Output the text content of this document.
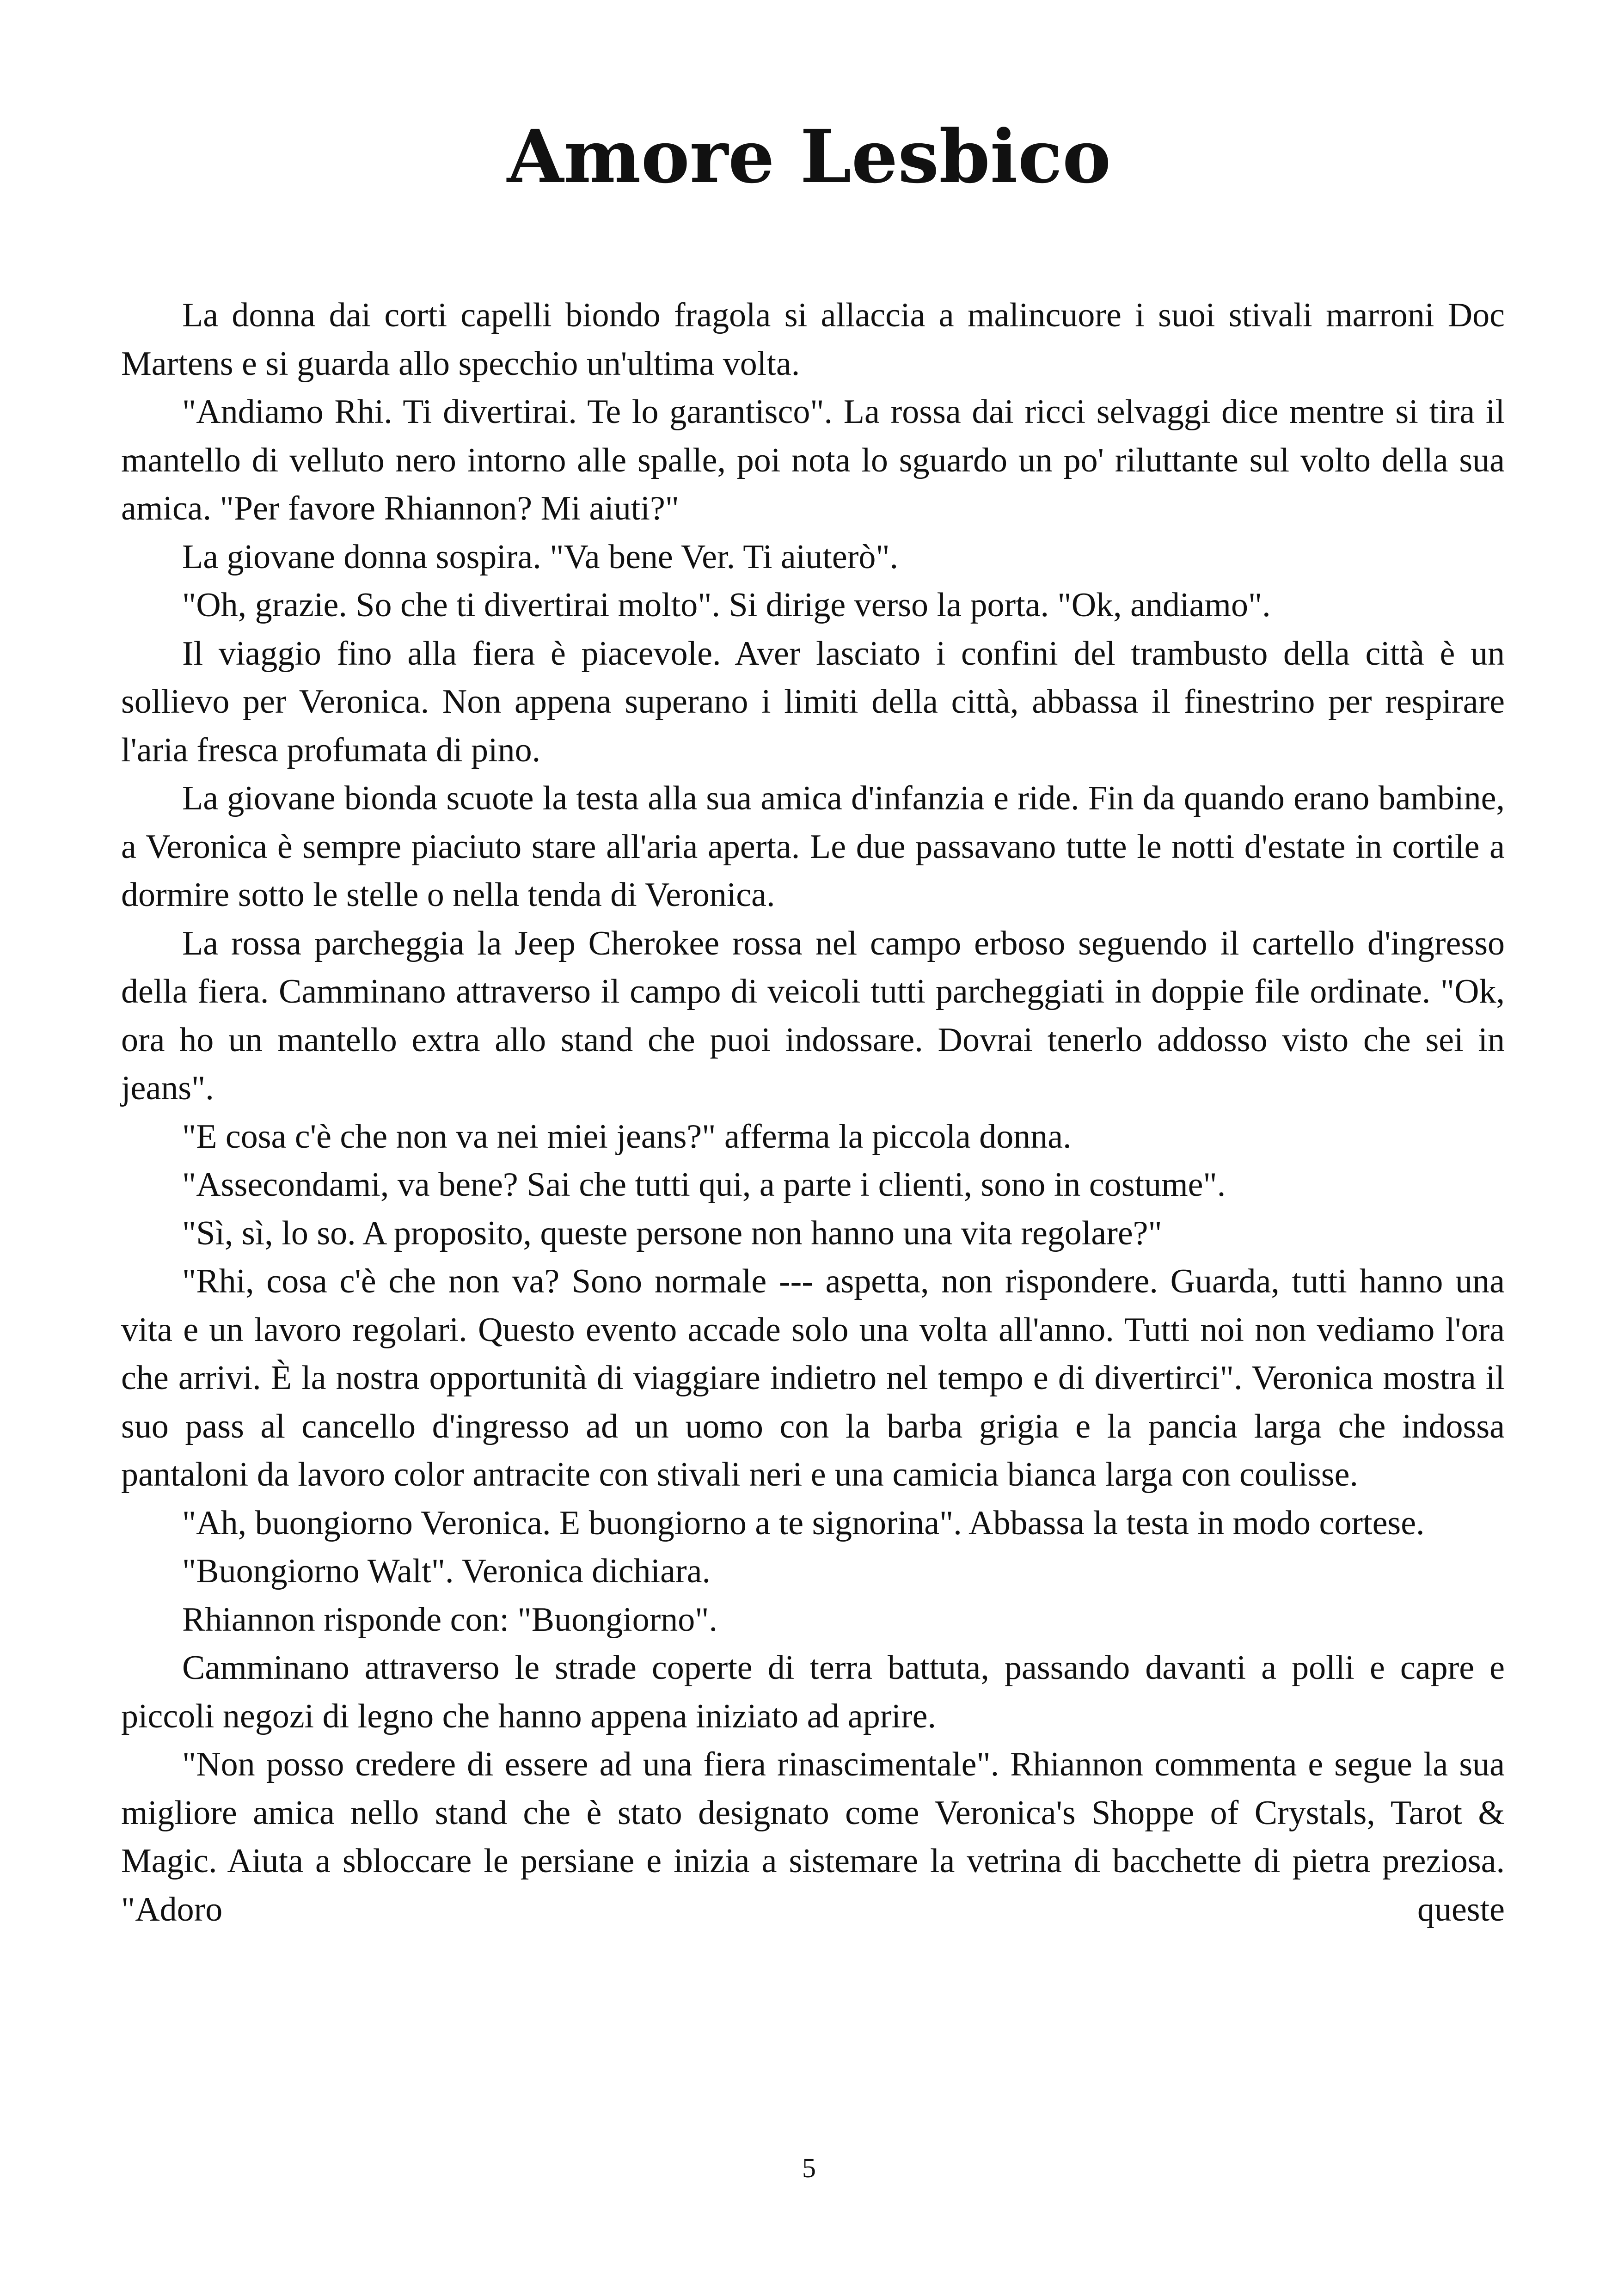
Amore Lesbico

La donna dai corti capelli biondo fragola si allaccia a malincuore i suoi stivali marroni Doc Martens e si guarda allo specchio un'ultima volta.

"Andiamo Rhi. Ti divertirai. Te lo garantisco". La rossa dai ricci selvaggi dice mentre si tira il mantello di velluto nero intorno alle spalle, poi nota lo sguardo un po' riluttante sul volto della sua amica. "Per favore Rhiannon? Mi aiuti?"

La giovane donna sospira. "Va bene Ver. Ti aiuterò".

"Oh, grazie. So che ti divertirai molto". Si dirige verso la porta. "Ok, andiamo".

Il viaggio fino alla fiera è piacevole. Aver lasciato i confini del trambusto della città è un sollievo per Veronica. Non appena superano i limiti della città, abbassa il finestrino per respirare l'aria fresca profumata di pino.

La giovane bionda scuote la testa alla sua amica d'infanzia e ride. Fin da quando erano bambine, a Veronica è sempre piaciuto stare all'aria aperta. Le due passavano tutte le notti d'estate in cortile a dormire sotto le stelle o nella tenda di Veronica.

La rossa parcheggia la Jeep Cherokee rossa nel campo erboso seguendo il cartello d'ingresso della fiera. Camminano attraverso il campo di veicoli tutti parcheggiati in doppie file ordinate. "Ok, ora ho un mantello extra allo stand che puoi indossare. Dovrai tenerlo addosso visto che sei in jeans".

"E cosa c'è che non va nei miei jeans?" afferma la piccola donna.

"Assecondami, va bene? Sai che tutti qui, a parte i clienti, sono in costume".

"Sì, sì, lo so. A proposito, queste persone non hanno una vita regolare?"

"Rhi, cosa c'è che non va? Sono normale --- aspetta, non rispondere. Guarda, tutti hanno una vita e un lavoro regolari. Questo evento accade solo una volta all'anno. Tutti noi non vediamo l'ora che arrivi. È la nostra opportunità di viaggiare indietro nel tempo e di divertirci". Veronica mostra il suo pass al cancello d'ingresso ad un uomo con la barba grigia e la pancia larga che indossa pantaloni da lavoro color antracite con stivali neri e una camicia bianca larga con coulisse.

"Ah, buongiorno Veronica. E buongiorno a te signorina". Abbassa la testa in modo cortese.

"Buongiorno Walt". Veronica dichiara.

Rhiannon risponde con: "Buongiorno".

Camminano attraverso le strade coperte di terra battuta, passando davanti a polli e capre e piccoli negozi di legno che hanno appena iniziato ad aprire.

"Non posso credere di essere ad una fiera rinascimentale". Rhiannon commenta e segue la sua migliore amica nello stand che è stato designato come Veronica's Shoppe of Crystals, Tarot & Magic. Aiuta a sbloccare le persiane e inizia a sistemare la vetrina di bacchette di pietra preziosa. "Adoro queste

5
